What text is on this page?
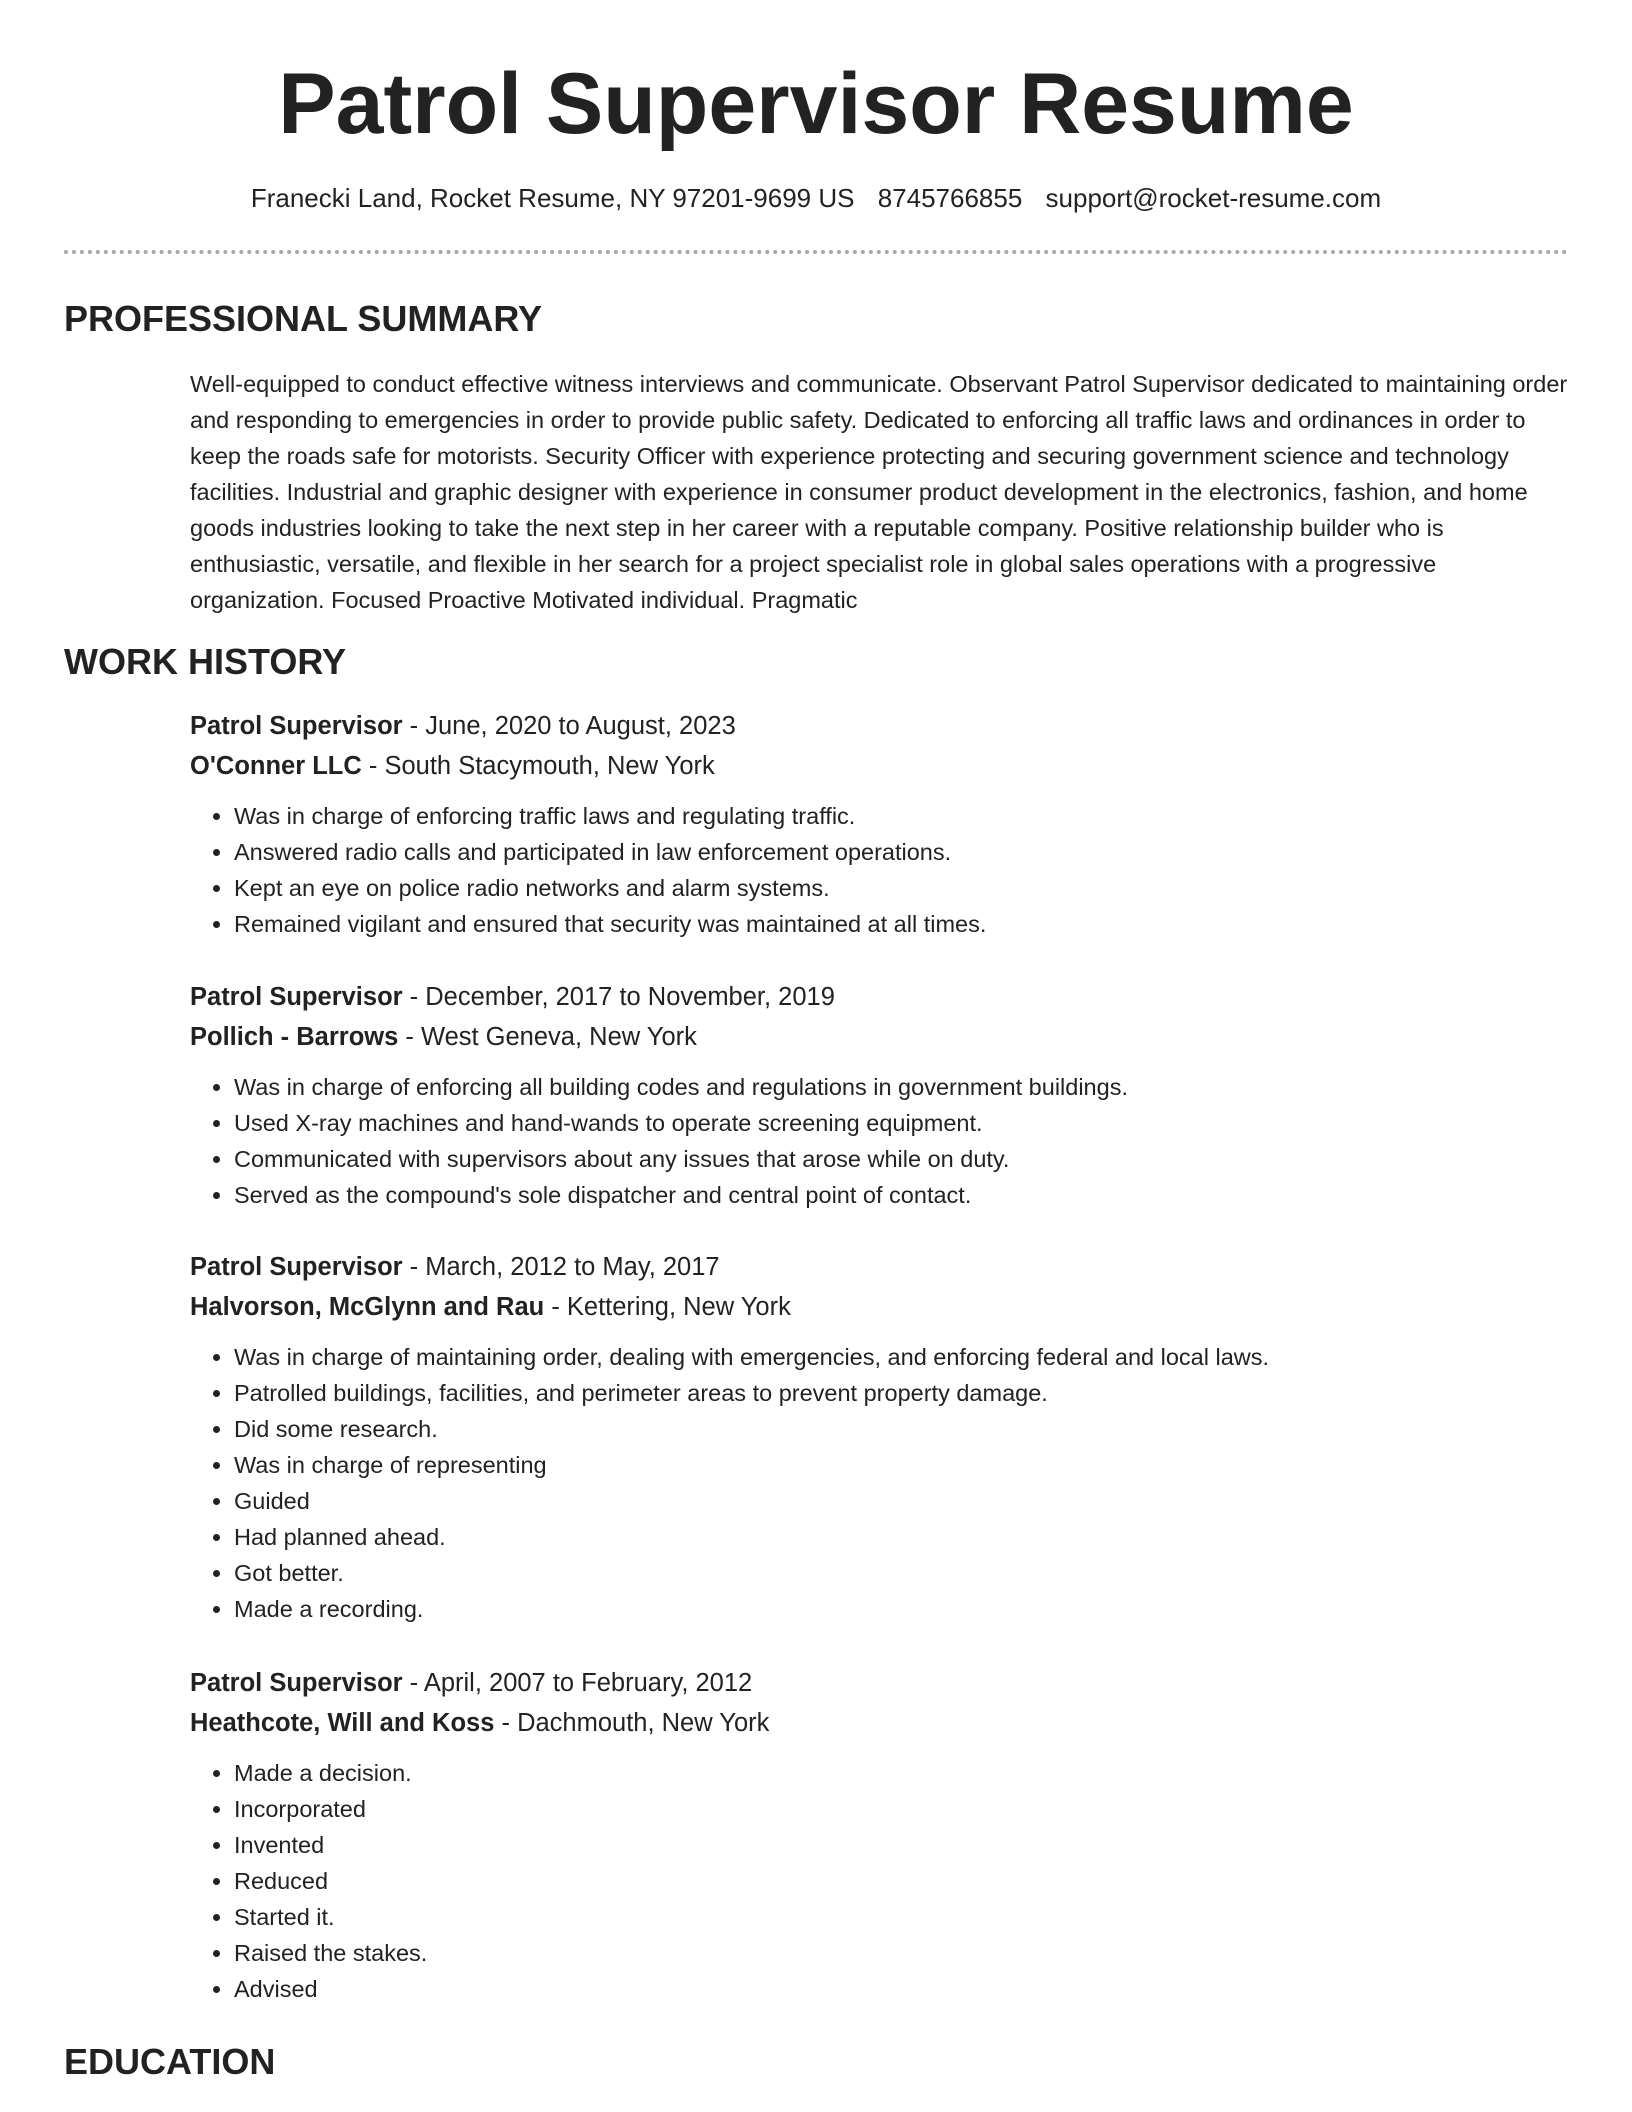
Patrol Supervisor Resume
Franecki Land, Rocket Resume, NY 97201-9699 US 8745766855 support@rocket-resume.com
PROFESSIONAL SUMMARY

Well-equipped to conduct effective witness interviews and communicate. Observant Patrol Supervisor dedicated to maintaining order and responding to emergencies in order to provide public safety. Dedicated to enforcing all traffic laws and ordinances in order to keep the roads safe for motorists. Security Officer with experience protecting and securing government science and technology facilities. Industrial and graphic designer with experience in consumer product development in the electronics, fashion, and home goods industries looking to take the next step in her career with a reputable company. Positive relationship builder who is enthusiastic, versatile, and flexible in her search for a project specialist role in global sales operations with a progressive organization. Focused Proactive Motivated individual. Pragmatic

WORK HISTORY
Patrol Supervisor - June, 2020 to August, 2023
O'Conner LLC - South Stacymouth, New York
• Was in charge of enforcing traffic laws and regulating traffic.
• Answered radio calls and participated in law enforcement operations.
• Kept an eye on police radio networks and alarm systems.
• Remained vigilant and ensured that security was maintained at all times.
Patrol Supervisor - December, 2017 to November, 2019
Pollich - Barrows - West Geneva, New York
• Was in charge of enforcing all building codes and regulations in government buildings.
• Used X-ray machines and hand-wands to operate screening equipment.
• Communicated with supervisors about any issues that arose while on duty.
• Served as the compound's sole dispatcher and central point of contact.
Patrol Supervisor - March, 2012 to May, 2017
Halvorson, McGlynn and Rau - Kettering, New York
• Was in charge of maintaining order, dealing with emergencies, and enforcing federal and local laws.
• Patrolled buildings, facilities, and perimeter areas to prevent property damage.
• Did some research.
• Was in charge of representing
• Guided
• Had planned ahead.
• Got better.
• Made a recording.
Patrol Supervisor - April, 2007 to February, 2012
Heathcote, Will and Koss - Dachmouth, New York
• Made a decision.
• Incorporated
• Invented
• Reduced
• Started it.
• Raised the stakes.
• Advised
EDUCATION
